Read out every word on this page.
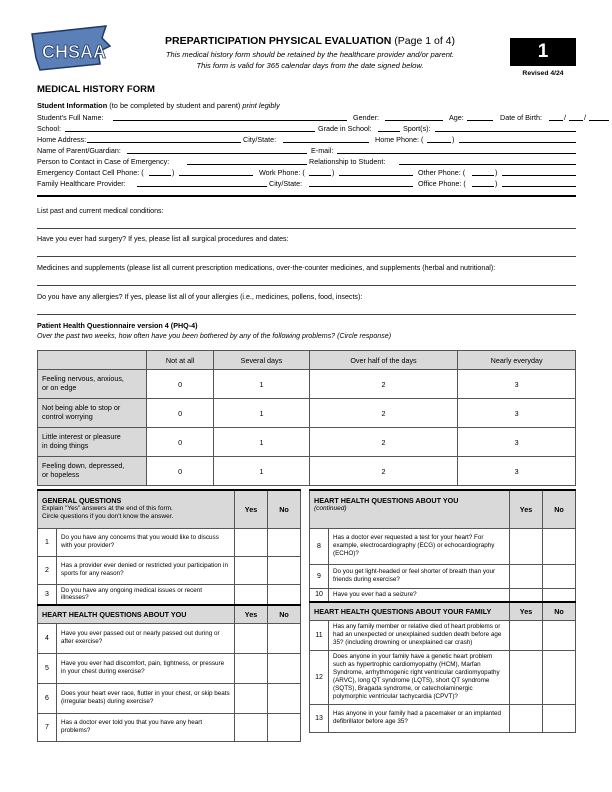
CHSAA
PREPARTICIPATION PHYSICAL EVALUATION (Page 1 of 4)
This medical history form should be retained by the healthcare provider and/or parent.
This form is valid for 365 calendar days from the date signed below.
1
Revised 4/24
MEDICAL HISTORY FORM
Student Information (to be completed by student and parent) print legibly
Student's Full Name:	Gender:	Age:	Date of Birth:	/	/
School:	Grade in School:	Sport(s):
Home Address:	City/State:	Home Phone: (	)
Name of Parent/Guardian:	E-mail:
Person to Contact in Case of Emergency:	Relationship to Student:
Emergency Contact Cell Phone: (	)	Work Phone: (	)	Other Phone: (	)
Family Healthcare Provider:	City/State:	Office Phone: (	)
List past and current medical conditions:
Have you ever had surgery? If yes, please list all surgical procedures and dates:
Medicines and supplements (please list all current prescription medications, over-the-counter medicines, and supplements (herbal and nutritional):
Do you have any allergies? If yes, please list all of your allergies (i.e., medicines, pollens, food, insects):
Patient Health Questionnaire version 4 (PHQ-4)
Over the past two weeks, how often have you been bothered by any of the following problems? (Circle response)
	Not at all	Several days	Over half of the days	Nearly everyday
Feeling nervous, anxious,
or on edge	0	1	2	3
Not being able to stop or
control worrying	0	1	2	3
Little interest or pleasure
in doing things	0	1	2	3
Feeling down, depressed,
or hopeless	0	1	2	3
GENERAL QUESTIONS
Explain "Yes" answers at the end of this form.
Circle questions if you don't know the answer.		Yes	No
1	Do you have any concerns that you would like to discuss with your provider?		
2	Has a provider ever denied or restricted your participation in sports for any reason?		
3	Do you have any ongoing medical issues or recent illnesses?		
HEART HEALTH QUESTIONS ABOUT YOU		Yes	No
4	Have you ever passed out or nearly passed out during or after exercise?		
5	Have you ever had discomfort, pain, tightness, or pressure in your chest during exercise?		
6	Does your heart ever race, flutter in your chest, or skip beats (irregular beats) during exercise?		
7	Has a doctor ever told you that you have any heart problems?		
HEART HEALTH QUESTIONS ABOUT YOU
(continued)		Yes	No
8	Has a doctor ever requested a test for your heart? For example, electrocardiography (ECG) or echocardiography (ECHO)?		
9	Do you get light-headed or feel shorter of breath than your friends during exercise?		
10	Have you ever had a seizure?		
HEART HEALTH QUESTIONS ABOUT YOUR FAMILY		Yes	No
11	Has any family member or relative died of heart problems or had an unexpected or unexplained sudden death before age 35? (including drowning or unexplained car crash)		
12	Does anyone in your family have a genetic heart problem such as hypertrophic cardiomyopathy (HCM), Marfan Syndrome, arrhythmogenic right ventricular cardiomyopathy (ARVC), long QT syndrome (LQTS), short QT syndrome (SQTS), Bragada syndrome, or catecholaminergic polymorphic ventricular tachycardia (CPVT)?		
13	Has anyone in your family had a pacemaker or an implanted defibrillator before age 35?		
